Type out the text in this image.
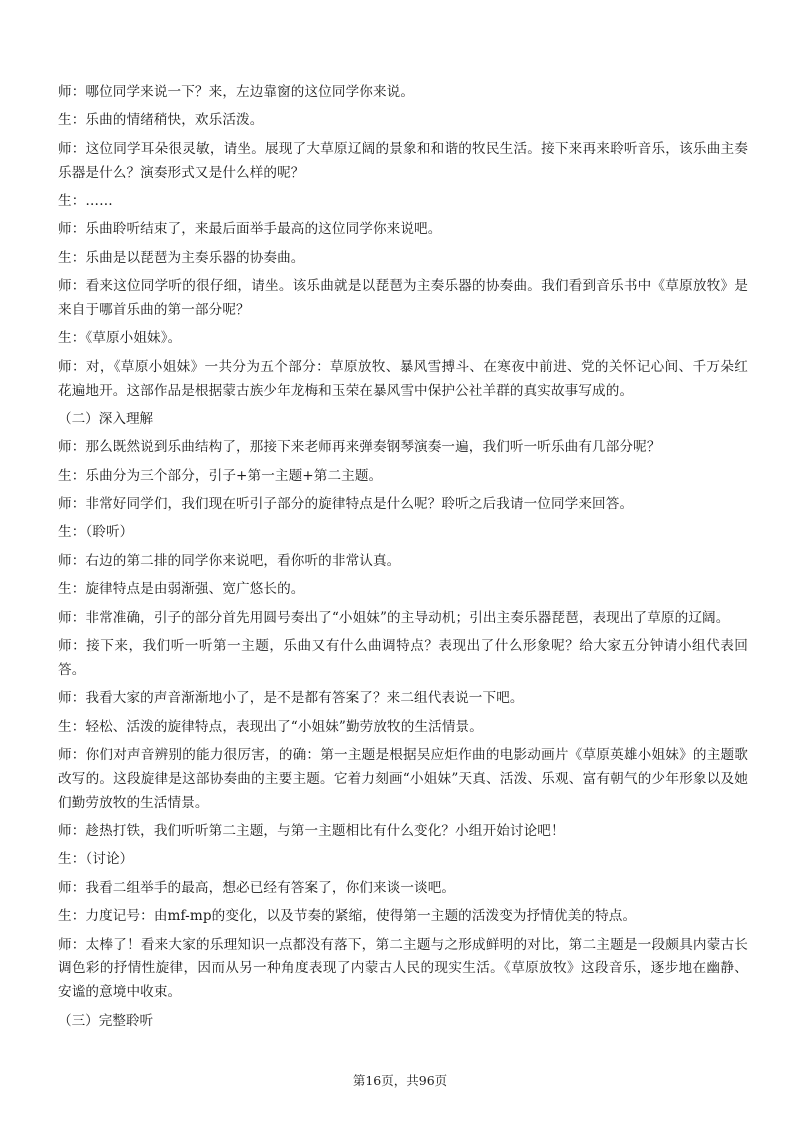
师：哪位同学来说一下？来，左边靠窗的这位同学你来说。

生：乐曲的情绪稍快，欢乐活泼。

师：这位同学耳朵很灵敏，请坐。展现了大草原辽阔的景象和和谐的牧民生活。接下来再来聆听音乐，该乐曲主奏乐器是什么？演奏形式又是什么样的呢？

生：……

师：乐曲聆听结束了，来最后面举手最高的这位同学你来说吧。

生：乐曲是以琵琶为主奏乐器的协奏曲。

师：看来这位同学听的很仔细，请坐。该乐曲就是以琵琶为主奏乐器的协奏曲。我们看到音乐书中《草原放牧》是来自于哪首乐曲的第一部分呢？

生：《草原小姐妹》。

师：对，《草原小姐妹》一共分为五个部分：草原放牧、暴风雪搏斗、在寒夜中前进、党的关怀记心间、千万朵红花遍地开。这部作品是根据蒙古族少年龙梅和玉荣在暴风雪中保护公社羊群的真实故事写成的。

（二）深入理解

师：那么既然说到乐曲结构了，那接下来老师再来弹奏钢琴演奏一遍，我们听一听乐曲有几部分呢？

生：乐曲分为三个部分，引子+第一主题+第二主题。

师：非常好同学们，我们现在听引子部分的旋律特点是什么呢？聆听之后我请一位同学来回答。

生：（聆听）

师：右边的第二排的同学你来说吧，看你听的非常认真。

生：旋律特点是由弱渐强、宽广悠长的。

师：非常准确，引子的部分首先用圆号奏出了“小姐妹”的主导动机；引出主奏乐器琵琶，表现出了草原的辽阔。

师：接下来，我们听一听第一主题，乐曲又有什么曲调特点？表现出了什么形象呢？给大家五分钟请小组代表回答。

师：我看大家的声音渐渐地小了，是不是都有答案了？来二组代表说一下吧。

生：轻松、活泼的旋律特点，表现出了“小姐妹”勤劳放牧的生活情景。

师：你们对声音辨别的能力很厉害，的确：第一主题是根据吴应炬作曲的电影动画片《草原英雄小姐妹》的主题歌改写的。这段旋律是这部协奏曲的主要主题。它着力刻画“小姐妹”天真、活泼、乐观、富有朝气的少年形象以及她们勤劳放牧的生活情景。

师：趁热打铁，我们听听第二主题，与第一主题相比有什么变化？小组开始讨论吧！

生：（讨论）

师：我看二组举手的最高，想必已经有答案了，你们来谈一谈吧。

生：力度记号：由mf-mp的变化，以及节奏的紧缩，使得第一主题的活泼变为抒情优美的特点。

师：太棒了！看来大家的乐理知识一点都没有落下，第二主题与之形成鲜明的对比，第二主题是一段颇具内蒙古长调色彩的抒情性旋律，因而从另一种角度表现了内蒙古人民的现实生活。《草原放牧》这段音乐，逐步地在幽静、安谧的意境中收束。

（三）完整聆听

第16页，共96页
